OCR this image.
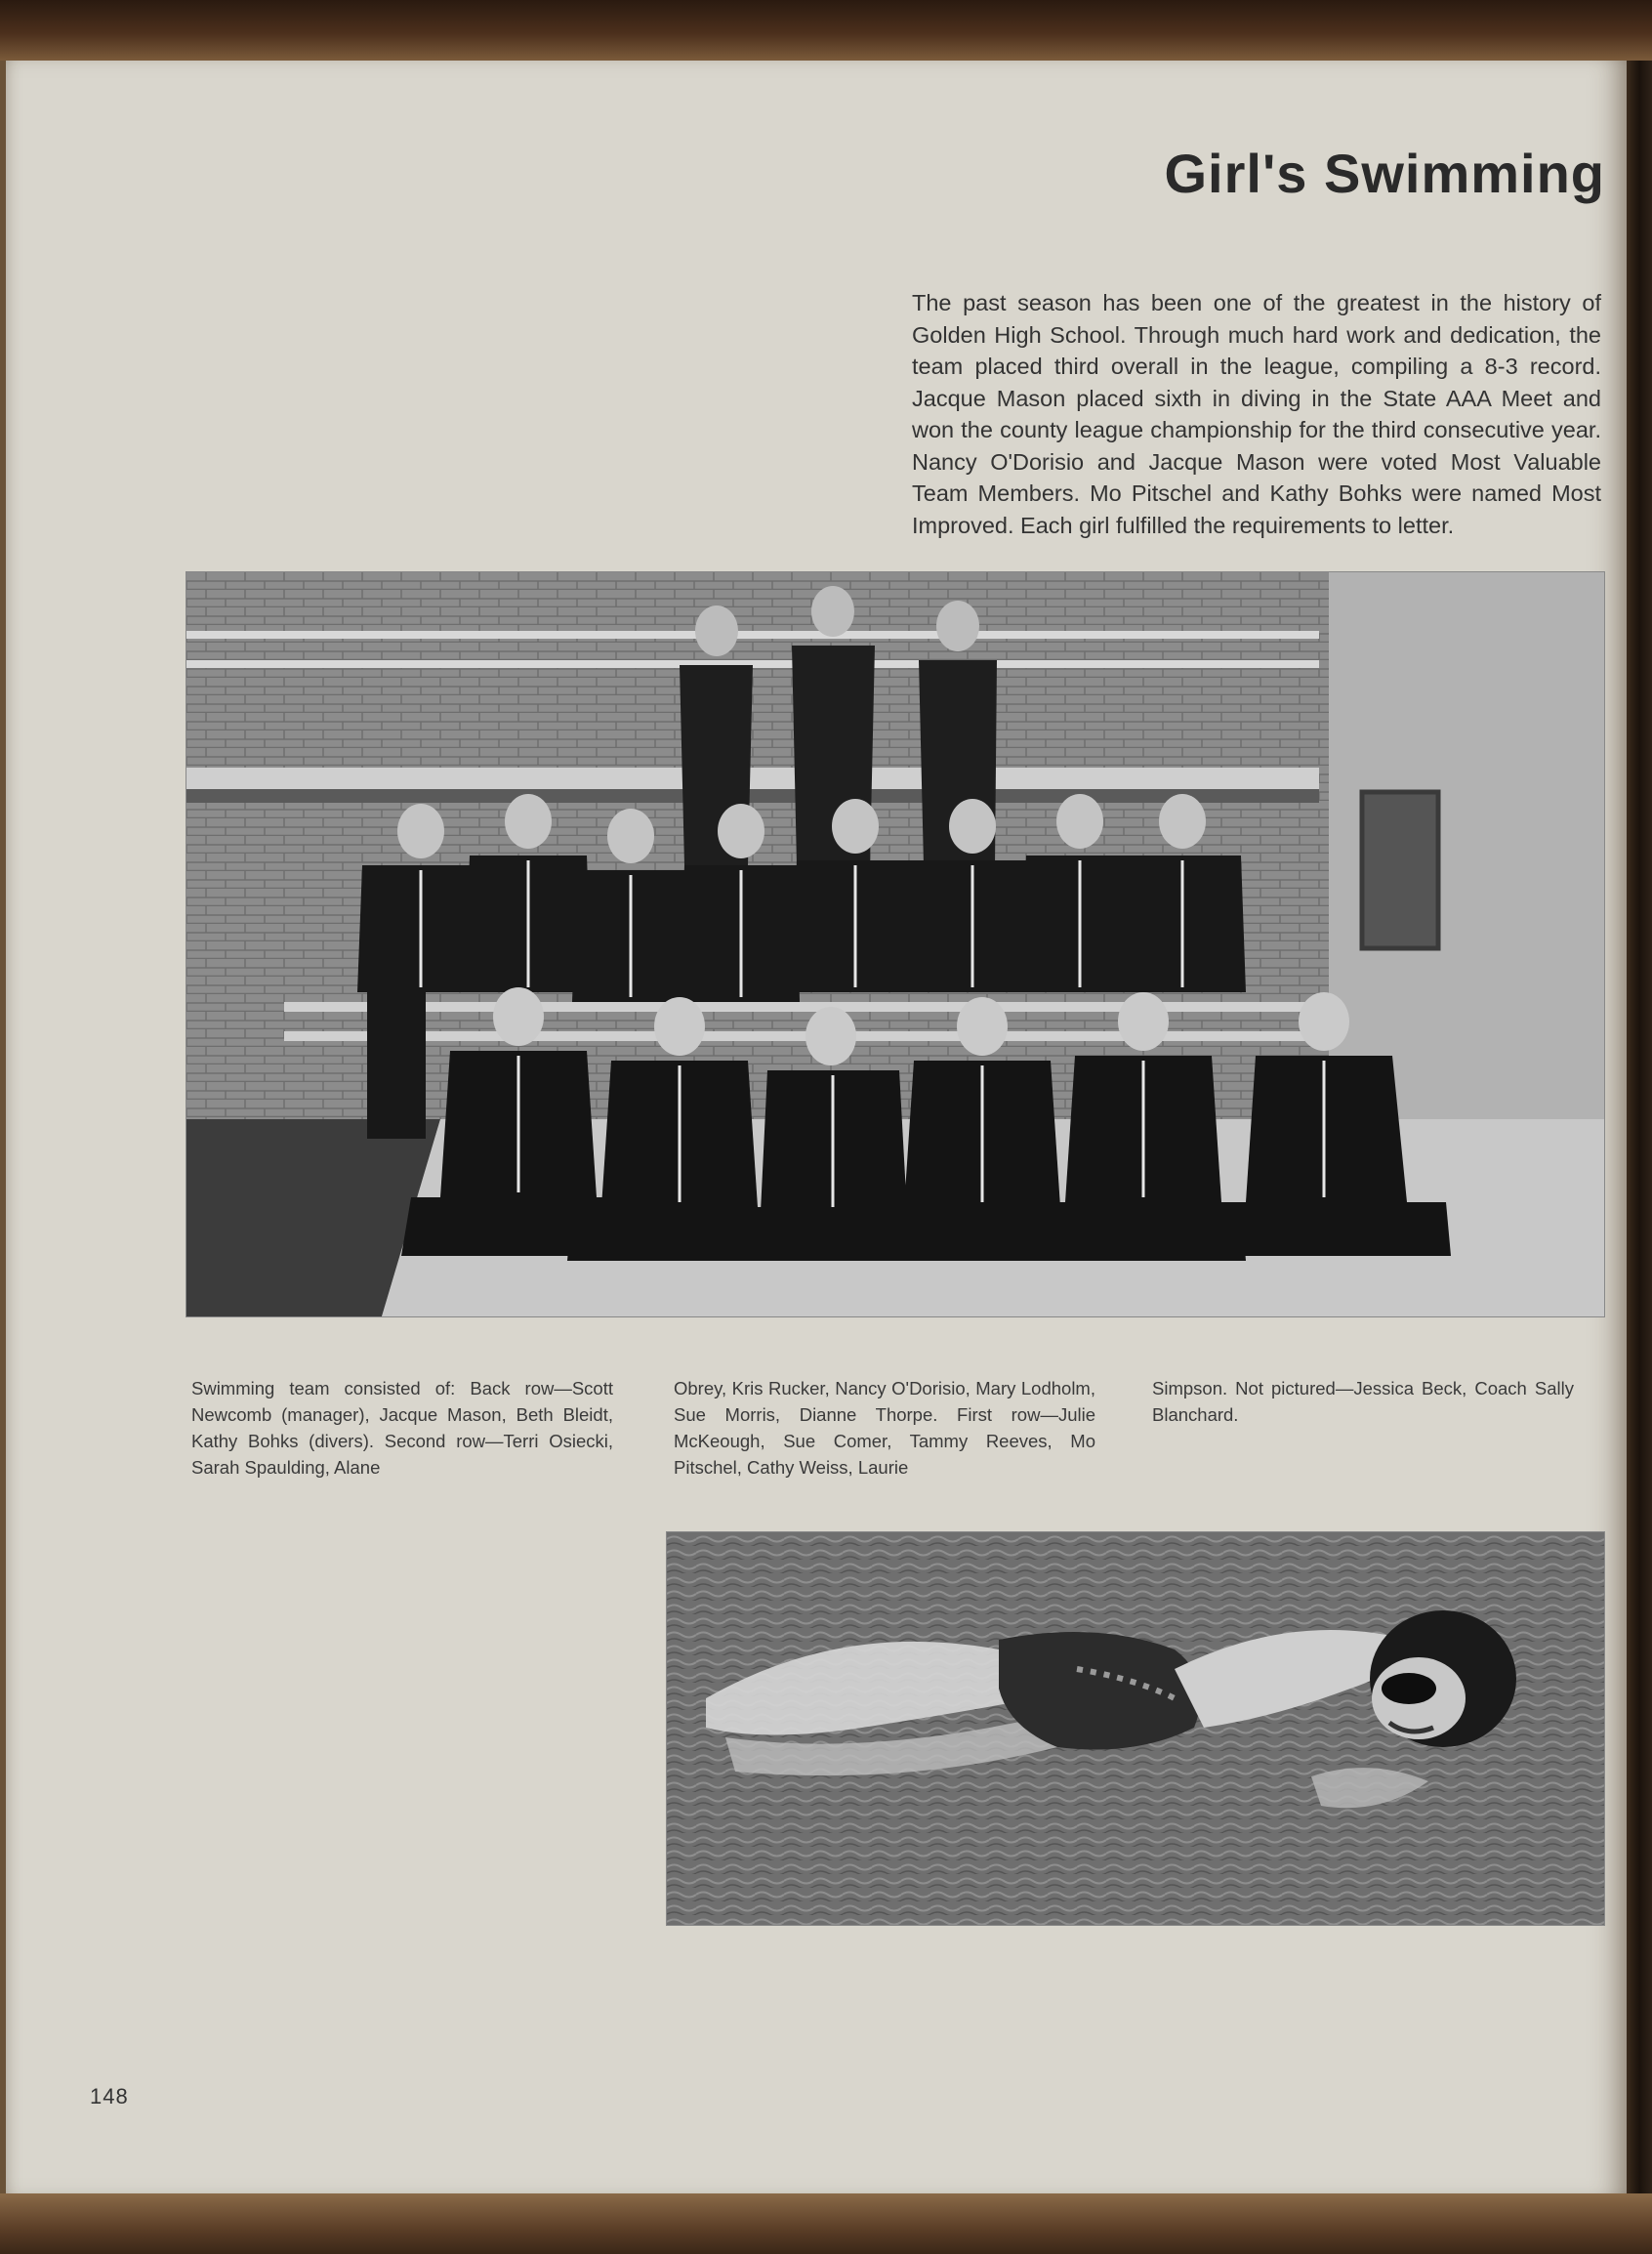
Girl's Swimming

The past season has been one of the greatest in the history of Golden High School. Through much hard work and dedication, the team placed third overall in the league, compiling a 8-3 record. Jacque Mason placed sixth in diving in the State AAA Meet and won the county league championship for the third consecutive year. Nancy O'Dorisio and Jacque Mason were voted Most Valuable Team Members. Mo Pitschel and Kathy Bohks were named Most Improved. Each girl fulfilled the requirements to letter.

Swimming team consisted of: Back row—Scott Newcomb (manager), Jacque Mason, Beth Bleidt, Kathy Bohks (divers). Second row—Terri Osiecki, Sarah Spaulding, Alane

Obrey, Kris Rucker, Nancy O'Dorisio, Mary Lodholm, Sue Morris, Dianne Thorpe. First row—Julie McKeough, Sue Comer, Tammy Reeves, Mo Pitschel, Cathy Weiss, Laurie

Simpson. Not pictured—Jessica Beck, Coach Sally Blanchard.

148
